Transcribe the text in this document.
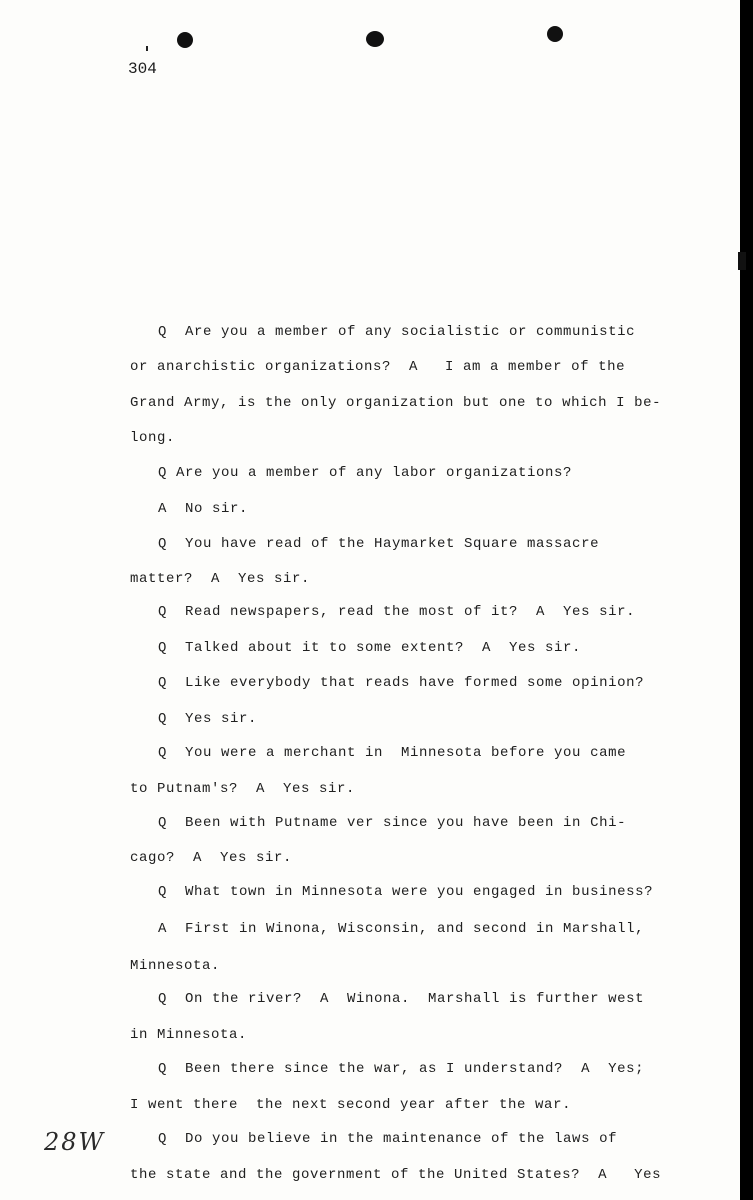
304
Q  Are you a member of any socialistic or communistic
or anarchistic organizations?  A   I am a member of the
Grand Army, is the only organization but one to which I be-
long.
Q Are you a member of any labor organizations?
A  No sir.
Q  You have read of the Haymarket Square massacre
matter?  A  Yes sir.
Q  Read newspapers, read the most of it?  A  Yes sir.
Q  Talked about it to some extent?  A  Yes sir.
Q  Like everybody that reads have formed some opinion?
Q  Yes sir.
Q  You were a merchant in  Minnesota before you came
to Putnam's?  A  Yes sir.
Q  Been with Putname ver since you have been in Chi-
cago?  A  Yes sir.
Q  What town in Minnesota were you engaged in business?
A  First in Winona, Wisconsin, and second in Marshall,
Minnesota.
Q  On the river?  A  Winona.  Marshall is further west
in Minnesota.
Q  Been there since the war, as I understand?  A  Yes;
I went there  the next second year after the war.
Q  Do you believe in the maintenance of the laws of
the state and the government of the United States?  A   Yes
28W
